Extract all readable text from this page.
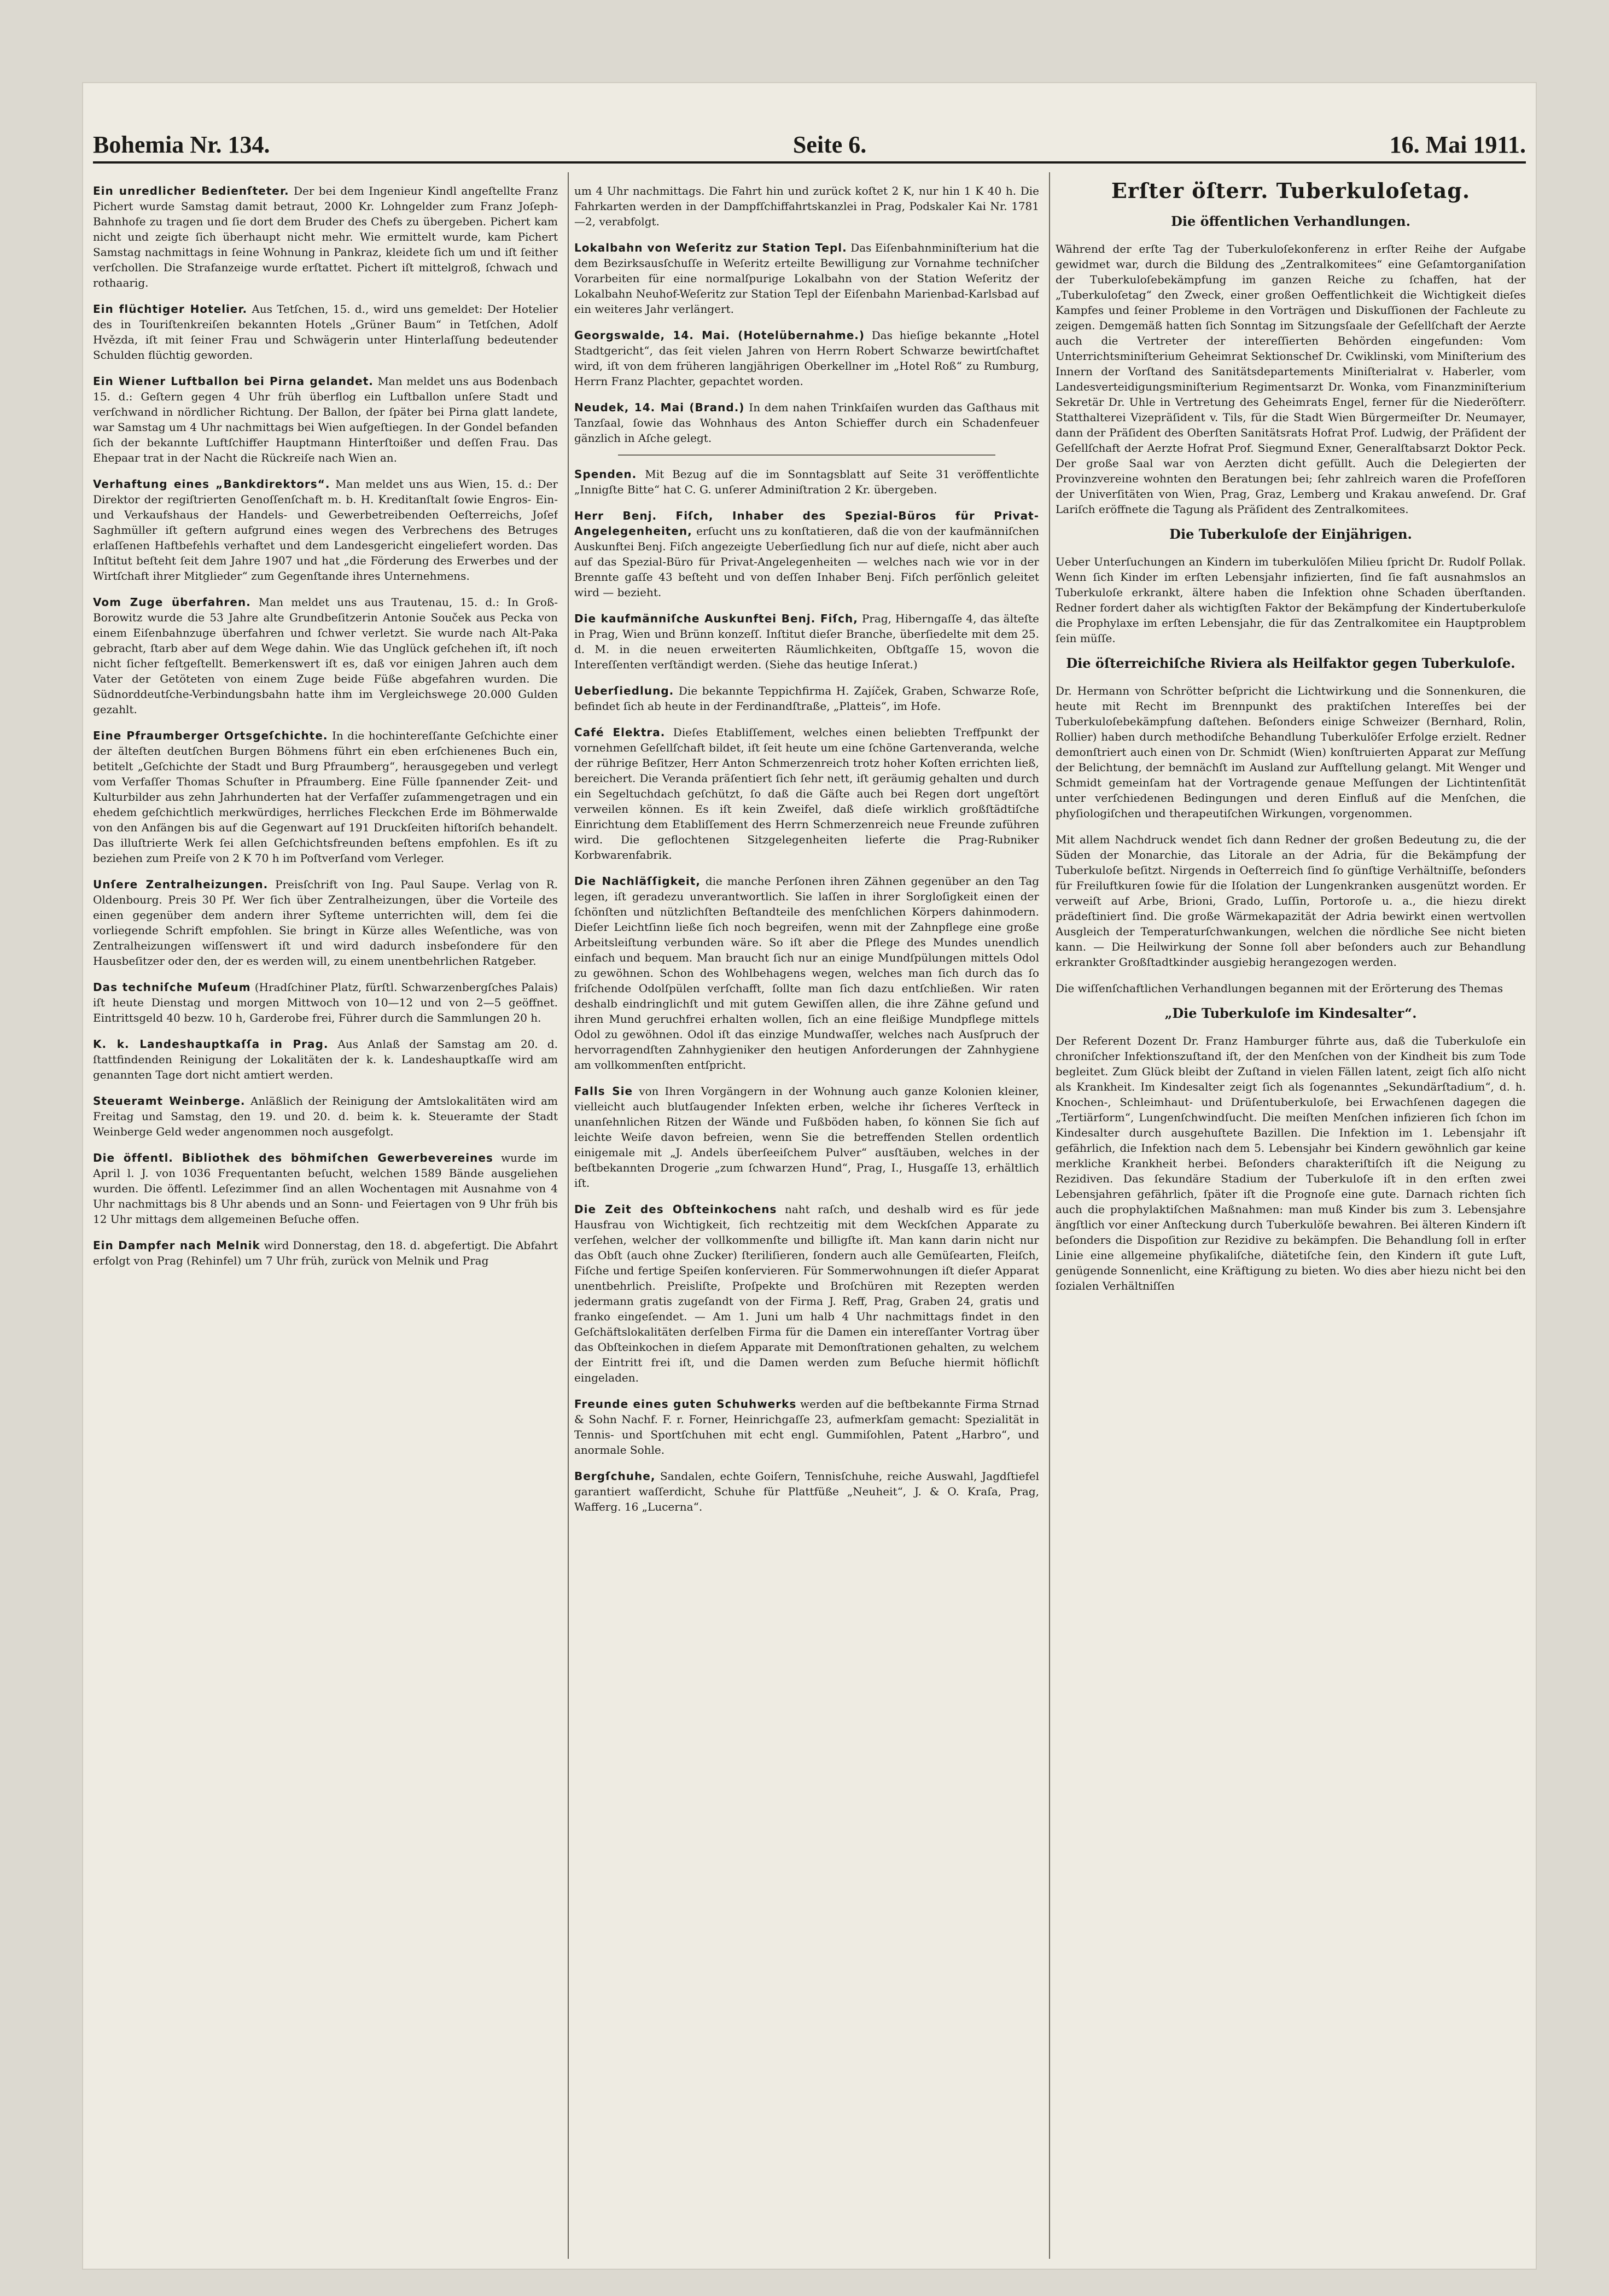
Bohemia Nr. 134.	Seite 6.	16. Mai 1911.

Ein unredlicher Bedienſteter. Der bei dem Ingenieur Kindl angeſtellte Franz Pichert wurde Samstag damit betraut, 2000 Kr. Lohngelder zum Franz Joſeph-Bahnhofe zu tragen und ſie dort dem Bruder des Chefs zu übergeben. Pichert kam nicht und zeigte ſich überhaupt nicht mehr. Wie ermittelt wurde, kam Pichert Samstag nachmittags in ſeine Wohnung in Pankraz, kleidete ſich um und iſt ſeither verſchollen. Die Strafanzeige wurde erſtattet. Pichert iſt mittelgroß, ſchwach und rothaarig.

Ein flüchtiger Hotelier. Aus Tetſchen, 15. d., wird uns gemeldet: Der Hotelier des in Touriſtenkreiſen bekannten Hotels „Grüner Baum“ in Tetſchen, Adolf Hvězda, iſt mit ſeiner Frau und Schwägerin unter Hinterlaſſung bedeutender Schulden flüchtig geworden.

Ein Wiener Luftballon bei Pirna gelandet. Man meldet uns aus Bodenbach 15. d.: Geſtern gegen 4 Uhr früh überflog ein Luftballon unſere Stadt und verſchwand in nördlicher Richtung. Der Ballon, der ſpäter bei Pirna glatt landete, war Samstag um 4 Uhr nachmittags bei Wien aufgeſtiegen. In der Gondel befanden ſich der bekannte Luftſchiffer Hauptmann Hinterſtoißer und deſſen Frau. Das Ehepaar trat in der Nacht die Rückreiſe nach Wien an.

Verhaftung eines „Bankdirektors“. Man meldet uns aus Wien, 15. d.: Der Direktor der regiſtrierten Genoſſenſchaft m. b. H. Kreditanſtalt ſowie Engros- Ein- und Verkaufshaus der Handels- und Gewerbetreibenden Oeſterreichs, Joſef Saghmüller iſt geſtern aufgrund eines wegen des Verbrechens des Betruges erlaſſenen Haftbefehls verhaftet und dem Landesgericht eingeliefert worden. Das Inſtitut beſteht ſeit dem Jahre 1907 und hat „die Förderung des Erwerbes und der Wirtſchaft ihrer Mitglieder“ zum Gegenſtande ihres Unternehmens.

Vom Zuge überfahren. Man meldet uns aus Trautenau, 15. d.: In Groß-Borowitz wurde die 53 Jahre alte Grundbeſitzerin Antonie Souček aus Pecka von einem Eiſenbahnzuge überfahren und ſchwer verletzt. Sie wurde nach Alt-Paka gebracht, ſtarb aber auf dem Wege dahin. Wie das Unglück geſchehen iſt, iſt noch nicht ſicher feſtgeſtellt. Bemerkenswert iſt es, daß vor einigen Jahren auch dem Vater der Getöteten von einem Zuge beide Füße abgefahren wurden. Die Südnorddeutſche-Verbindungsbahn hatte ihm im Vergleichswege 20.000 Gulden gezahlt.

Eine Pfraumberger Ortsgeſchichte. In die hochintereſſante Geſchichte einer der älteſten deutſchen Burgen Böhmens führt ein eben erſchienenes Buch ein, betitelt „Geſchichte der Stadt und Burg Pfraumberg“, herausgegeben und verlegt vom Verfaſſer Thomas Schuſter in Pfraumberg. Eine Fülle ſpannender Zeit- und Kulturbilder aus zehn Jahrhunderten hat der Verfaſſer zuſammengetragen und ein ehedem geſchichtlich merkwürdiges, herrliches Fleckchen Erde im Böhmerwalde von den Anfängen bis auf die Gegenwart auf 191 Druckſeiten hiſtoriſch behandelt. Das illuſtrierte Werk ſei allen Geſchichtsfreunden beſtens empfohlen. Es iſt zu beziehen zum Preiſe von 2 K 70 h im Poſtverſand vom Verleger.

Unſere Zentralheizungen. Preisſchrift von Ing. Paul Saupe. Verlag von R. Oldenbourg. Preis 30 Pf. Wer ſich über Zentralheizungen, über die Vorteile des einen gegenüber dem andern ihrer Syſteme unterrichten will, dem ſei die vorliegende Schrift empfohlen. Sie bringt in Kürze alles Weſentliche, was von Zentralheizungen wiſſenswert iſt und wird dadurch insbeſondere für den Hausbeſitzer oder den, der es werden will, zu einem unentbehrlichen Ratgeber.

Das techniſche Muſeum (Hradſchiner Platz, fürſtl. Schwarzenbergſches Palais) iſt heute Dienstag und morgen Mittwoch von 10—12 und von 2—5 geöffnet. Eintrittsgeld 40 bezw. 10 h, Garderobe frei, Führer durch die Sammlungen 20 h.

K. k. Landeshauptkaſſa in Prag. Aus Anlaß der Samstag am 20. d. ſtattfindenden Reinigung der Lokalitäten der k. k. Landeshauptkaſſe wird am genannten Tage dort nicht amtiert werden.

Steueramt Weinberge. Anläßlich der Reinigung der Amtslokalitäten wird am Freitag und Samstag, den 19. und 20. d. beim k. k. Steueramte der Stadt Weinberge Geld weder angenommen noch ausgefolgt.

Die öffentl. Bibliothek des böhmiſchen Gewerbevereines wurde im April l. J. von 1036 Frequentanten beſucht, welchen 1589 Bände ausgeliehen wurden. Die öffentl. Leſezimmer ſind an allen Wochentagen mit Ausnahme von 4 Uhr nachmittags bis 8 Uhr abends und an Sonn- und Feiertagen von 9 Uhr früh bis 12 Uhr mittags dem allgemeinen Beſuche offen.

Ein Dampfer nach Melnik wird Donnerstag, den 18. d. abgefertigt. Die Abfahrt erfolgt von Prag (Rehinfel) um 7 Uhr früh, zurück von Melnik und Prag

um 4 Uhr nachmittags. Die Fahrt hin und zurück koſtet 2 K, nur hin 1 K 40 h. Die Fahrkarten werden in der Dampfſchiffahrtskanzlei in Prag, Podskaler Kai Nr. 1781—2, verabfolgt.

Lokalbahn von Weſeritz zur Station Tepl. Das Eiſenbahnminiſterium hat die dem Bezirksausſchuſſe in Weſeritz erteilte Bewilligung zur Vornahme techniſcher Vorarbeiten für eine normalſpurige Lokalbahn von der Station Weſeritz der Lokalbahn Neuhof-Weſeritz zur Station Tepl der Eiſenbahn Marienbad-Karlsbad auf ein weiteres Jahr verlängert.

Georgswalde, 14. Mai. (Hotelübernahme.) Das hieſige bekannte „Hotel Stadtgericht“, das ſeit vielen Jahren von Herrn Robert Schwarze bewirtſchaftet wird, iſt von dem früheren langjährigen Oberkellner im „Hotel Roß“ zu Rumburg, Herrn Franz Plachter, gepachtet worden.

Neudek, 14. Mai (Brand.) In dem nahen Trinkſaiſen wurden das Gaſthaus mit Tanzſaal, ſowie das Wohnhaus des Anton Schieffer durch ein Schadenfeuer gänzlich in Aſche gelegt.

Spenden. Mit Bezug auf die im Sonntagsblatt auf Seite 31 veröffentlichte „Innigſte Bitte“ hat C. G. unſerer Adminiſtration 2 Kr. übergeben.

Herr Benj. Fiſch, Inhaber des Spezial-Büros für Privat-Angelegenheiten, erſucht uns zu konſtatieren, daß die von der kaufmänniſchen Auskunftei Benj. Fiſch angezeigte Ueberſiedlung ſich nur auf dieſe, nicht aber auch auf das Spezial-Büro für Privat-Angelegenheiten — welches nach wie vor in der Brennte gaſſe 43 beſteht und von deſſen Inhaber Benj. Fiſch perſönlich geleitet wird — bezieht.

Die kaufmänniſche Auskunftei Benj. Fiſch, Prag, Hiberngaſſe 4, das älteſte in Prag, Wien und Brünn konzeſſ. Inſtitut dieſer Branche, überſiedelte mit dem 25. d. M. in die neuen erweiterten Räumlichkeiten, Obſtgaſſe 15, wovon die Intereſſenten verſtändigt werden. (Siehe das heutige Inſerat.)

Ueberſiedlung. Die bekannte Teppichfirma H. Zajíček, Graben, Schwarze Roſe, befindet ſich ab heute in der Ferdinandſtraße, „Platteis“, im Hofe.

Café Elektra. Dieſes Etabliſſement, welches einen beliebten Treffpunkt der vornehmen Geſellſchaft bildet, iſt ſeit heute um eine ſchöne Gartenveranda, welche der rührige Beſitzer, Herr Anton Schmerzenreich trotz hoher Koſten errichten ließ, bereichert. Die Veranda präſentiert ſich ſehr nett, iſt geräumig gehalten und durch ein Segeltuchdach geſchützt, ſo daß die Gäſte auch bei Regen dort ungeſtört verweilen können. Es iſt kein Zweifel, daß dieſe wirklich großſtädtiſche Einrichtung dem Etabliſſement des Herrn Schmerzenreich neue Freunde zuführen wird. Die geflochtenen Sitzgelegenheiten lieferte die Prag-Rubniker Korbwarenfabrik.

Die Nachläſſigkeit, die manche Perſonen ihren Zähnen gegenüber an den Tag legen, iſt geradezu unverantwortlich. Sie laſſen in ihrer Sorgloſigkeit einen der ſchönſten und nützlichſten Beſtandteile des menſchlichen Körpers dahinmodern. Dieſer Leichtſinn ließe ſich noch begreifen, wenn mit der Zahnpflege eine große Arbeitsleiſtung verbunden wäre. So iſt aber die Pflege des Mundes unendlich einfach und bequem. Man braucht ſich nur an einige Mundſpülungen mittels Odol zu gewöhnen. Schon des Wohlbehagens wegen, welches man ſich durch das ſo friſchende Odolſpülen verſchafft, ſollte man ſich dazu entſchließen. Wir raten deshalb eindringlichſt und mit gutem Gewiſſen allen, die ihre Zähne geſund und ihren Mund geruchfrei erhalten wollen, ſich an eine fleißige Mundpflege mittels Odol zu gewöhnen. Odol iſt das einzige Mundwaſſer, welches nach Ausſpruch der hervorragendſten Zahnhygieniker den heutigen Anforderungen der Zahnhygiene am vollkommenſten entſpricht.

Falls Sie von Ihren Vorgängern in der Wohnung auch ganze Kolonien kleiner, vielleicht auch blutſaugender Inſekten erben, welche ihr ſicheres Verſteck in unanſehnlichen Ritzen der Wände und Fußböden haben, ſo können Sie ſich auf leichte Weiſe davon befreien, wenn Sie die betreffenden Stellen ordentlich einigemale mit „J. Andels überſeeiſchem Pulver“ ausſtäuben, welches in der beſtbekannten Drogerie „zum ſchwarzen Hund“, Prag, I., Husgaſſe 13, erhältlich iſt.

Die Zeit des Obſteinkochens naht raſch, und deshalb wird es für jede Hausfrau von Wichtigkeit, ſich rechtzeitig mit dem Weckſchen Apparate zu verſehen, welcher der vollkommenſte und billigſte iſt. Man kann darin nicht nur das Obſt (auch ohne Zucker) ſteriliſieren, ſondern auch alle Gemüſearten, Fleiſch, Fiſche und fertige Speiſen konſervieren. Für Sommerwohnungen iſt dieſer Apparat unentbehrlich. Preisliſte, Proſpekte und Broſchüren mit Rezepten werden jedermann gratis zugeſandt von der Firma J. Reff, Prag, Graben 24, gratis und franko eingeſendet. — Am 1. Juni um halb 4 Uhr nachmittags findet in den Geſchäftslokalitäten derſelben Firma für die Damen ein intereſſanter Vortrag über das Obſteinkochen in dieſem Apparate mit Demonſtrationen gehalten, zu welchem der Eintritt frei iſt, und die Damen werden zum Beſuche hiermit höflichſt eingeladen.

Freunde eines guten Schuhwerks werden auf die beſtbekannte Firma Strnad & Sohn Nachf. F. r. Forner, Heinrichgaſſe 23, aufmerkſam gemacht: Spezialität in Tennis- und Sportſchuhen mit echt engl. Gummiſohlen, Patent „Harbro“, und anormale Sohle.

Bergſchuhe, Sandalen, echte Goiſern, Tennisſchuhe, reiche Auswahl, Jagdſtiefel garantiert waſſerdicht, Schuhe für Plattfüße „Neuheit“, J. & O. Kraſa, Prag, Wafferg. 16 „Lucerna“.

Erſter öſterr. Tuberkuloſetag.
Die öffentlichen Verhandlungen.

Während der erſte Tag der Tuberkuloſekonferenz in erſter Reihe der Aufgabe gewidmet war, durch die Bildung des „Zentralkomitees“ eine Geſamtorganiſation der Tuberkuloſebekämpfung im ganzen Reiche zu ſchaffen, hat der „Tuberkuloſetag“ den Zweck, einer großen Oeffentlichkeit die Wichtigkeit dieſes Kampfes und ſeiner Probleme in den Vorträgen und Diskuſſionen der Fachleute zu zeigen. Demgemäß hatten ſich Sonntag im Sitzungsſaale der Geſellſchaft der Aerzte auch die Vertreter der intereſſierten Behörden eingefunden: Vom Unterrichtsminiſterium Geheimrat Sektionschef Dr. Cwiklinski, vom Miniſterium des Innern der Vorſtand des Sanitätsdepartements Miniſterialrat v. Haberler, vom Landesverteidigungsminiſterium Regimentsarzt Dr. Wonka, vom Finanzminiſterium Sekretär Dr. Uhle in Vertretung des Geheimrats Engel, ferner für die Niederöſterr. Statthalterei Vizepräſident v. Tils, für die Stadt Wien Bürgermeiſter Dr. Neumayer, dann der Präſident des Oberſten Sanitätsrats Hofrat Prof. Ludwig, der Präſident der Geſellſchaft der Aerzte Hofrat Prof. Siegmund Exner, Generalſtabsarzt Doktor Peck. Der große Saal war von Aerzten dicht gefüllt. Auch die Delegierten der Provinzvereine wohnten den Beratungen bei; ſehr zahlreich waren die Profeſſoren der Univerſitäten von Wien, Prag, Graz, Lemberg und Krakau anweſend. Dr. Graf Lariſch eröffnete die Tagung als Präſident des Zentralkomitees.

Die Tuberkuloſe der Einjährigen.

Ueber Unterſuchungen an Kindern im tuberkulöſen Milieu ſpricht Dr. Rudolf Pollak. Wenn ſich Kinder im erſten Lebensjahr infizierten, ſind ſie faſt ausnahmslos an Tuberkuloſe erkrankt, ältere haben die Infektion ohne Schaden überſtanden. Redner fordert daher als wichtigſten Faktor der Bekämpfung der Kindertuberkuloſe die Prophylaxe im erſten Lebensjahr, die für das Zentralkomitee ein Hauptproblem ſein müſſe.

Die öſterreichiſche Riviera als Heilfaktor gegen Tuberkuloſe.

Dr. Hermann von Schrötter beſpricht die Lichtwirkung und die Sonnenkuren, die heute mit Recht im Brennpunkt des praktiſchen Intereſſes bei der Tuberkuloſebekämpfung daſtehen. Beſonders einige Schweizer (Bernhard, Rolin, Rollier) haben durch methodiſche Behandlung Tuberkulöſer Erfolge erzielt. Redner demonſtriert auch einen von Dr. Schmidt (Wien) konſtruierten Apparat zur Meſſung der Belichtung, der bemnächſt im Ausland zur Aufſtellung gelangt. Mit Wenger und Schmidt gemeinſam hat der Vortragende genaue Meſſungen der Lichtintenſität unter verſchiedenen Bedingungen und deren Einfluß auf die Menſchen, die phyſiologiſchen und therapeutiſchen Wirkungen, vorgenommen.

Mit allem Nachdruck wendet ſich dann Redner der großen Bedeutung zu, die der Süden der Monarchie, das Litorale an der Adria, für die Bekämpfung der Tuberkuloſe beſitzt. Nirgends in Oeſterreich ſind ſo günſtige Verhältniſſe, beſonders für Freiluftkuren ſowie für die Iſolation der Lungenkranken ausgenützt worden. Er verweiſt auf Arbe, Brioni, Grado, Luſſin, Portoroſe u. a., die hiezu direkt prädeſtiniert ſind. Die große Wärmekapazität der Adria bewirkt einen wertvollen Ausgleich der Temperaturſchwankungen, welchen die nördliche See nicht bieten kann. — Die Heilwirkung der Sonne ſoll aber beſonders auch zur Behandlung erkrankter Großſtadtkinder ausgiebig herangezogen werden.

Die wiſſenſchaftlichen Verhandlungen begannen mit der Erörterung des Themas

„Die Tuberkuloſe im Kindesalter“.

Der Referent Dozent Dr. Franz Hamburger führte aus, daß die Tuberkuloſe ein chroniſcher Infektionszuſtand iſt, der den Menſchen von der Kindheit bis zum Tode begleitet. Zum Glück bleibt der Zuſtand in vielen Fällen latent, zeigt ſich alſo nicht als Krankheit. Im Kindesalter zeigt ſich als ſogenanntes „Sekundärſtadium“, d. h. Knochen-, Schleimhaut- und Drüſentuberkuloſe, bei Erwachſenen dagegen die „Tertiärform“, Lungenſchwindſucht. Die meiſten Menſchen infizieren ſich ſchon im Kindesalter durch ausgehuſtete Bazillen. Die Infektion im 1. Lebensjahr iſt gefährlich, die Infektion nach dem 5. Lebensjahr bei Kindern gewöhnlich gar keine merkliche Krankheit herbei. Beſonders charakteriſtiſch iſt die Neigung zu Rezidiven. Das ſekundäre Stadium der Tuberkuloſe iſt in den erſten zwei Lebensjahren gefährlich, ſpäter iſt die Prognoſe eine gute. Darnach richten ſich auch die prophylaktiſchen Maßnahmen: man muß Kinder bis zum 3. Lebensjahre ängſtlich vor einer Anſteckung durch Tuberkulöſe bewahren. Bei älteren Kindern iſt beſonders die Dispoſition zur Rezidive zu bekämpfen. Die Behandlung ſoll in erſter Linie eine allgemeine phyſikaliſche, diätetiſche ſein, den Kindern iſt gute Luft, genügende Sonnenlicht, eine Kräftigung zu bieten. Wo dies aber hiezu nicht bei den ſozialen Verhältniſſen
